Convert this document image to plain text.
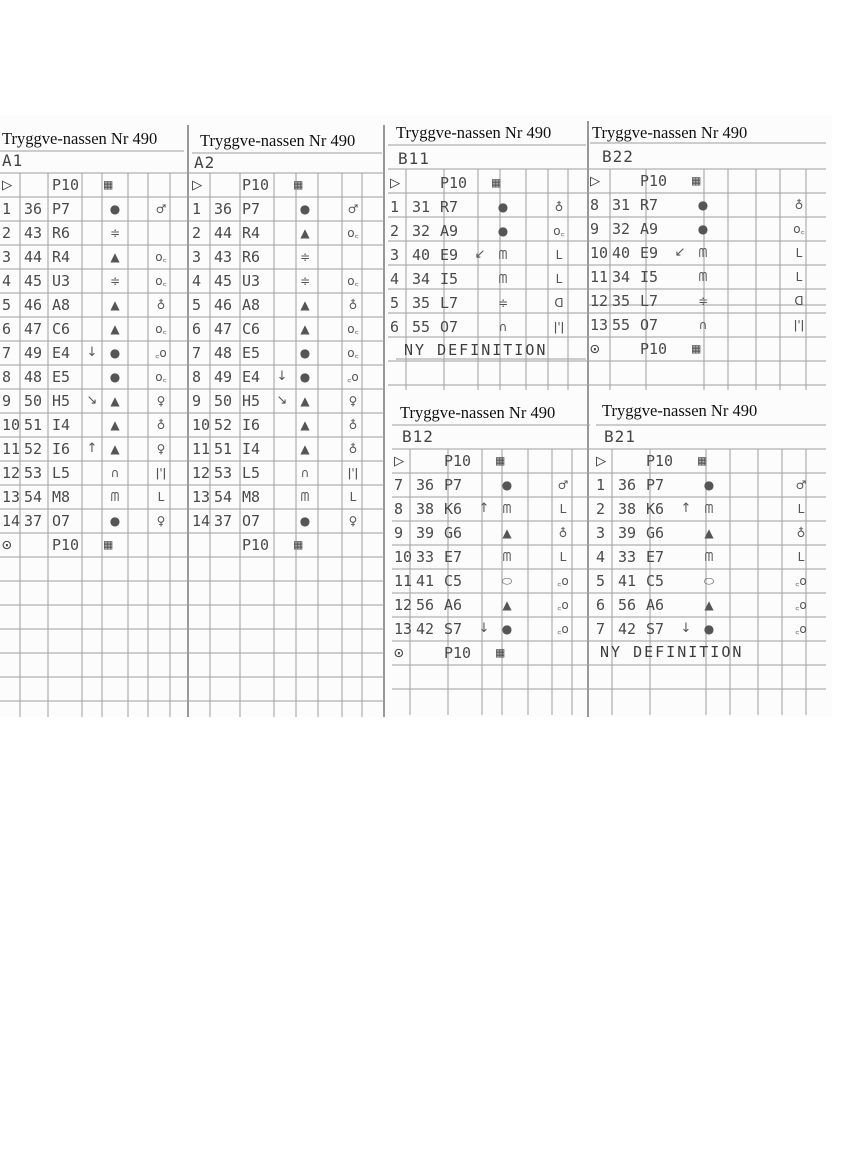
Tryggve-nassen Nr 490
A1
▷	P10 ▦
1 36 P7	●	♂
2 43 R6	≑
3 44 R4	▲	o꜀
4 45 U3	≑	o꜀
5 46 A8	▲	♁
6 47 C6	▲	o꜀
7 49 E4 ↓	●	꜀o
8 48 E5	●	o꜀
9 50 H5 ↘	▲	♀
10 51 I4	▲	♁
11 52 I6 ↑	▲	♀
12 53 L5	∩	ǀ'ǀ
13 54 M8	ᗰ	ᒪ
14 37 O7	●	♀
⊙	P10 ▦
Tryggve-nassen Nr 490
A2
▷	P10 ▦
1 36 P7	●	♂
2 44 R4	▲	o꜀
3 43 R6	≑
4 45 U3	≑	o꜀
5 46 A8	▲	♁
6 47 C6	▲	o꜀
7 48 E5	●	o꜀
8 49 E4 ↓	●	꜀o
9 50 H5 ↘	▲	♀
10 52 I6	▲	♁
11 51 I4	▲	♁
12 53 L5	∩	ǀ'ǀ
13 54 M8	ᗰ	ᒪ
14 37 O7	●	♀
P10 ▦
Tryggve-nassen Nr 490
B11
▷	P10 ▦
1 31 R7	●	♁
2 32 A9	●	o꜀
3 40 E9 ↙	ᗰ	ᒪ
4 34 I5	ᗰ	ᒪ
5 35 L7	≑	ᗡ
6 55 O7	∩	ǀ'ǀ
NY DEFINITION
Tryggve-nassen Nr 490
B22
▷	P10 ▦
8 31 R7	●	♁
9 32 A9	●	o꜀
10 40 E9 ↙	ᗰ	ᒪ
11 34 I5	ᗰ	ᒪ
12 35 L7	≑	ᗡ
13 55 O7	∩	ǀ'ǀ
⊙	P10 ▦
Tryggve-nassen Nr 490
B12
▷	P10 ▦
7 36 P7	●	♂
8 38 K6 ↑	ᗰ	ᒪ
9 39 G6	▲	♁
10 33 E7	ᗰ	ᒪ
11 41 C5	⬭	꜀o
12 56 A6	▲	꜀o
13 42 S7 ↓	●	꜀o
⊙	P10 ▦
Tryggve-nassen Nr 490
B21
▷	P10 ▦
1 36 P7	●	♂
2 38 K6 ↑	ᗰ	ᒪ
3 39 G6	▲	♁
4 33 E7	ᗰ	ᒪ
5 41 C5	⬭	꜀o
6 56 A6	▲	꜀o
7 42 S7 ↓	●	꜀o
NY DEFINITION
